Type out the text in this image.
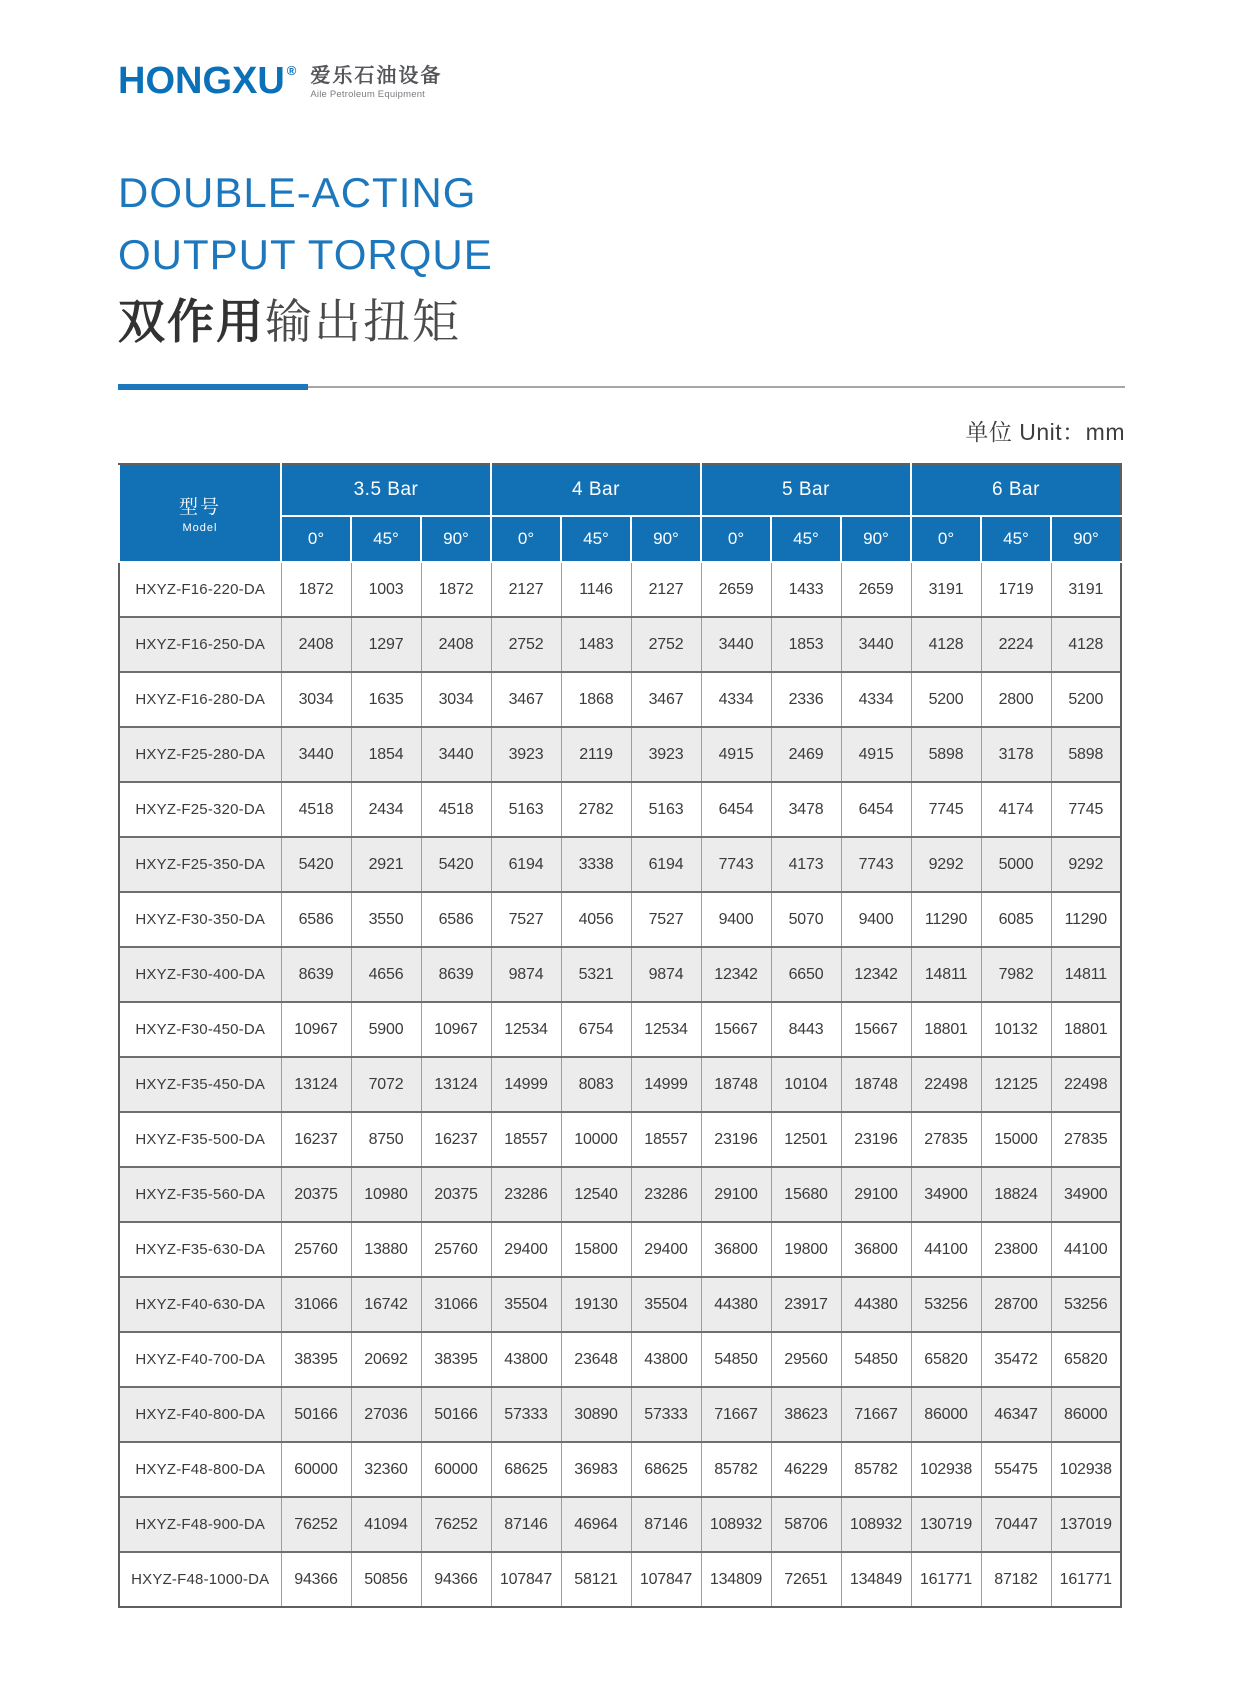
HONGXU ® 爱乐石油设备
Aile Petroleum Equipment
DOUBLE-ACTING
OUTPUT TORQUE
双作用输出扭矩
单位 Unit：mm
型号
Model	3.5 Bar			4 Bar			5 Bar			6 Bar		
	0°	45°	90°	0°	45°	90°	0°	45°	90°	0°	45°	90°
HXYZ-F16-220-DA	1872	1003	1872	2127	1146	2127	2659	1433	2659	3191	1719	3191
HXYZ-F16-250-DA	2408	1297	2408	2752	1483	2752	3440	1853	3440	4128	2224	4128
HXYZ-F16-280-DA	3034	1635	3034	3467	1868	3467	4334	2336	4334	5200	2800	5200
HXYZ-F25-280-DA	3440	1854	3440	3923	2119	3923	4915	2469	4915	5898	3178	5898
HXYZ-F25-320-DA	4518	2434	4518	5163	2782	5163	6454	3478	6454	7745	4174	7745
HXYZ-F25-350-DA	5420	2921	5420	6194	3338	6194	7743	4173	7743	9292	5000	9292
HXYZ-F30-350-DA	6586	3550	6586	7527	4056	7527	9400	5070	9400	11290	6085	11290
HXYZ-F30-400-DA	8639	4656	8639	9874	5321	9874	12342	6650	12342	14811	7982	14811
HXYZ-F30-450-DA	10967	5900	10967	12534	6754	12534	15667	8443	15667	18801	10132	18801
HXYZ-F35-450-DA	13124	7072	13124	14999	8083	14999	18748	10104	18748	22498	12125	22498
HXYZ-F35-500-DA	16237	8750	16237	18557	10000	18557	23196	12501	23196	27835	15000	27835
HXYZ-F35-560-DA	20375	10980	20375	23286	12540	23286	29100	15680	29100	34900	18824	34900
HXYZ-F35-630-DA	25760	13880	25760	29400	15800	29400	36800	19800	36800	44100	23800	44100
HXYZ-F40-630-DA	31066	16742	31066	35504	19130	35504	44380	23917	44380	53256	28700	53256
HXYZ-F40-700-DA	38395	20692	38395	43800	23648	43800	54850	29560	54850	65820	35472	65820
HXYZ-F40-800-DA	50166	27036	50166	57333	30890	57333	71667	38623	71667	86000	46347	86000
HXYZ-F48-800-DA	60000	32360	60000	68625	36983	68625	85782	46229	85782	102938	55475	102938
HXYZ-F48-900-DA	76252	41094	76252	87146	46964	87146	108932	58706	108932	130719	70447	137019
HXYZ-F48-1000-DA	94366	50856	94366	107847	58121	107847	134809	72651	134849	161771	87182	161771
